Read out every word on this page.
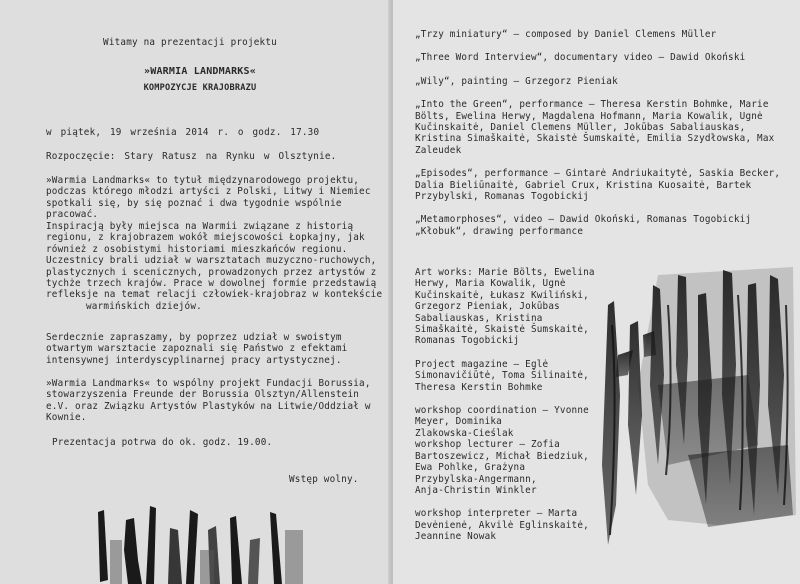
Witamy na prezentacji projektu
»WARMIA LANDMARKS«
KOMPOZYCJE KRAJOBRAZU
w piątek, 19 września 2014 r. o godz. 17.30
Rozpoczęcie: Stary Ratusz na Rynku w Olsztynie.
»Warmia Landmarks« to tytuł międzynarodowego projektu,
podczas którego młodzi artyści z Polski, Litwy i Niemiec
spotkali się, by się poznać i dwa tygodnie wspólnie
pracować.
Inspiracją były miejsca na Warmii związane z historią
regionu, z krajobrazem wokół miejscowości Łopkajny, jak
również z osobistymi historiami mieszkańców regionu.
Uczestnicy brali udział w warsztatach muzyczno-ruchowych,
plastycznych i scenicznych, prowadzonych przez artystów z
tychże trzech krajów. Prace w dowolnej formie przedstawią
refleksje na temat relacji człowiek-krajobraz w kontekście
warmińskich dziejów.
Serdecznie zapraszamy, by poprzez udział w swoistym
otwartym warsztacie zapoznali się Państwo z efektami
intensywnej interdyscyplinarnej pracy artystycznej.
»Warmia Landmarks« to wspólny projekt Fundacji Borussia,
stowarzyszenia Freunde der Borussia Olsztyn/Allenstein
e.V. oraz Związku Artystów Plastyków na Litwie/Oddział w
Kownie.
Prezentacja potrwa do ok. godz. 19.00.
Wstęp wolny.
„Trzy miniatury“ – composed by Daniel Clemens Müller
„Three Word Interview“, documentary video – Dawid Okoński
„Wily“, painting – Grzegorz Pieniak
„Into the Green“, performance – Theresa Kerstin Bohmke, Marie
Bölts, Ewelina Herwy, Magdalena Hofmann, Maria Kowalik, Ugnė
Kučinskaitė, Daniel Clemens Müller, Jokūbas Sabaliauskas,
Kristina Simaškaitė, Skaistė Šumskaitė, Emilia Szydłowska, Max
Zaleudek
„Episodes“, performance – Gintarė Andriukaitytė, Saskia Becker,
Dalia Bieliūnaitė, Gabriel Crux, Kristina Kuosaitė, Bartek
Przybylski, Romanas Togobickij
„Metamorphoses“, video – Dawid Okoński, Romanas Togobickij
„Kłobuk“, drawing performance
Art works: Marie Bölts, Ewelina
Herwy, Maria Kowalik, Ugnė
Kučinskaitė, Łukasz Kwiliński,
Grzegorz Pieniak, Jokūbas
Sabaliauskas, Kristina
Simaškaitė, Skaistė Šumskaitė,
Romanas Togobickij
Project magazine – Eglė
Simonavičiūtė, Toma Šilinaitė,
Theresa Kerstin Bohmke
workshop coordination – Yvonne
Meyer, Dominika
Zlakowska-Cieślak
workshop lecturer – Zofia
Bartoszewicz, Michał Biedziuk,
Ewa Pohlke, Grażyna
Przybylska-Angermann,
Anja-Christin Winkler
workshop interpreter – Marta
Devėnienė, Akvilė Eglinskaitė,
Jeannine Nowak
